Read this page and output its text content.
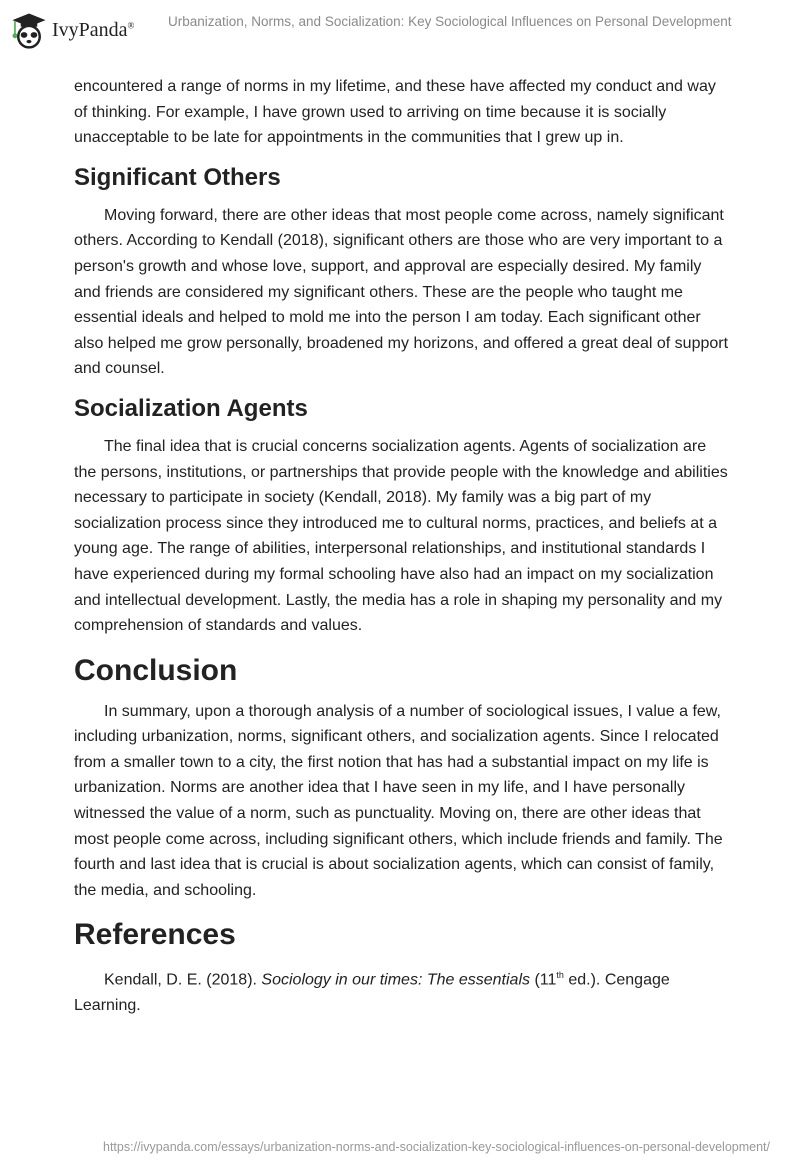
IvyPanda® Urbanization, Norms, and Socialization: Key Sociological Influences on Personal Development

encountered a range of norms in my lifetime, and these have affected my conduct and way of thinking. For example, I have grown used to arriving on time because it is socially unacceptable to be late for appointments in the communities that I grew up in.

Significant Others

Moving forward, there are other ideas that most people come across, namely significant others. According to Kendall (2018), significant others are those who are very important to a person's growth and whose love, support, and approval are especially desired. My family and friends are considered my significant others. These are the people who taught me essential ideals and helped to mold me into the person I am today. Each significant other also helped me grow personally, broadened my horizons, and offered a great deal of support and counsel.

Socialization Agents

The final idea that is crucial concerns socialization agents. Agents of socialization are the persons, institutions, or partnerships that provide people with the knowledge and abilities necessary to participate in society (Kendall, 2018). My family was a big part of my socialization process since they introduced me to cultural norms, practices, and beliefs at a young age. The range of abilities, interpersonal relationships, and institutional standards I have experienced during my formal schooling have also had an impact on my socialization and intellectual development. Lastly, the media has a role in shaping my personality and my comprehension of standards and values.

Conclusion

In summary, upon a thorough analysis of a number of sociological issues, I value a few, including urbanization, norms, significant others, and socialization agents. Since I relocated from a smaller town to a city, the first notion that has had a substantial impact on my life is urbanization. Norms are another idea that I have seen in my life, and I have personally witnessed the value of a norm, such as punctuality. Moving on, there are other ideas that most people come across, including significant others, which include friends and family. The fourth and last idea that is crucial is about socialization agents, which can consist of family, the media, and schooling.

References

Kendall, D. E. (2018). Sociology in our times: The essentials (11th ed.). Cengage Learning.

https://ivypanda.com/essays/urbanization-norms-and-socialization-key-sociological-influences-on-personal-development/
